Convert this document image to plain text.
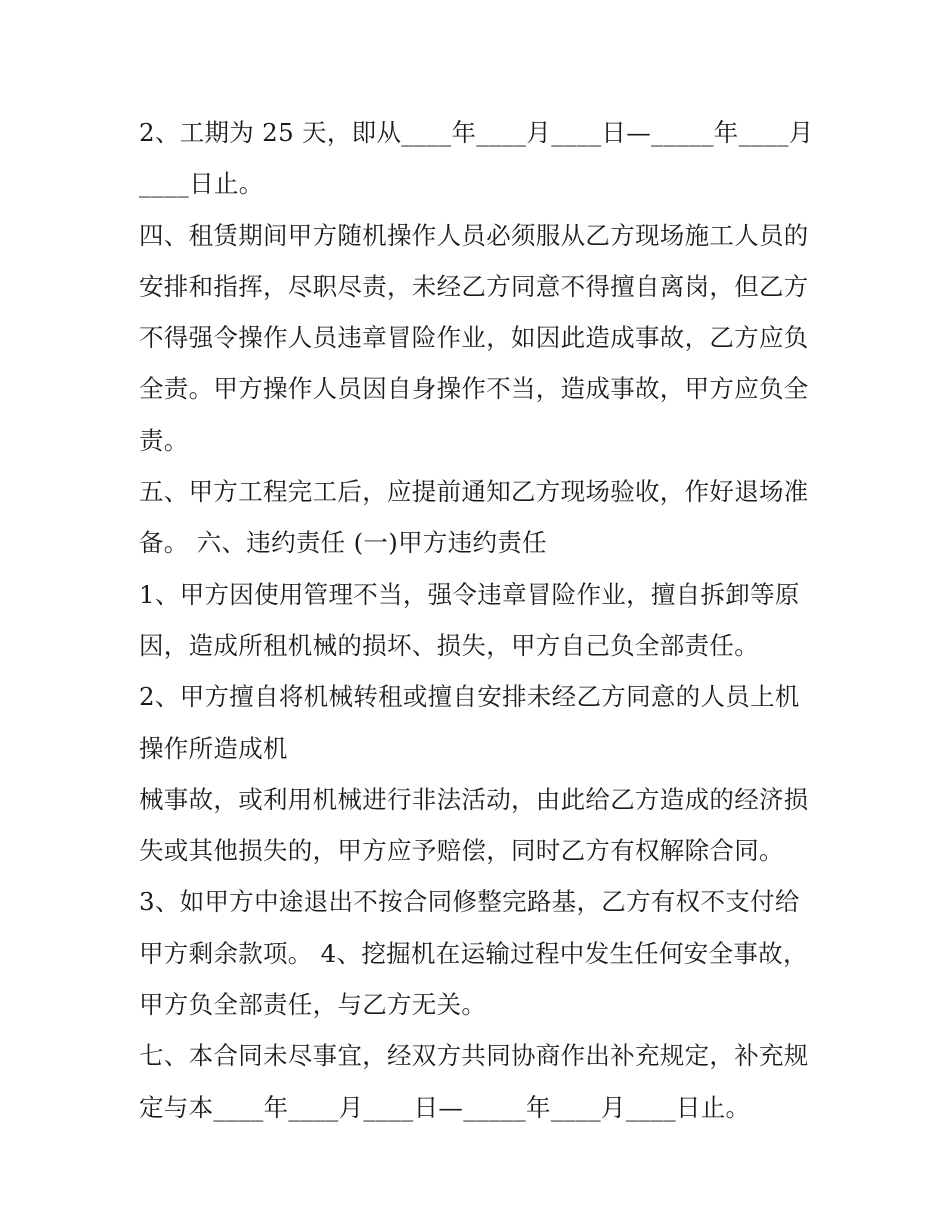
2、工期为 25 天，即从____年____月____日—_____年____月
____日止。
四、租赁期间甲方随机操作人员必须服从乙方现场施工人员的
安排和指挥，尽职尽责，未经乙方同意不得擅自离岗，但乙方
不得强令操作人员违章冒险作业，如因此造成事故，乙方应负
全责。甲方操作人员因自身操作不当，造成事故，甲方应负全
责。
五、甲方工程完工后，应提前通知乙方现场验收，作好退场准
备。 六、违约责任 (一)甲方违约责任
1、甲方因使用管理不当，强令违章冒险作业，擅自拆卸等原
因，造成所租机械的损坏、损失，甲方自己负全部责任。
2、甲方擅自将机械转租或擅自安排未经乙方同意的人员上机
操作所造成机
械事故，或利用机械进行非法活动，由此给乙方造成的经济损
失或其他损失的，甲方应予赔偿，同时乙方有权解除合同。
3、如甲方中途退出不按合同修整完路基，乙方有权不支付给
甲方剩余款项。 4、挖掘机在运输过程中发生任何安全事故，
甲方负全部责任，与乙方无关。
七、本合同未尽事宜，经双方共同协商作出补充规定，补充规
定与本____年____月____日—_____年____月____日止。
